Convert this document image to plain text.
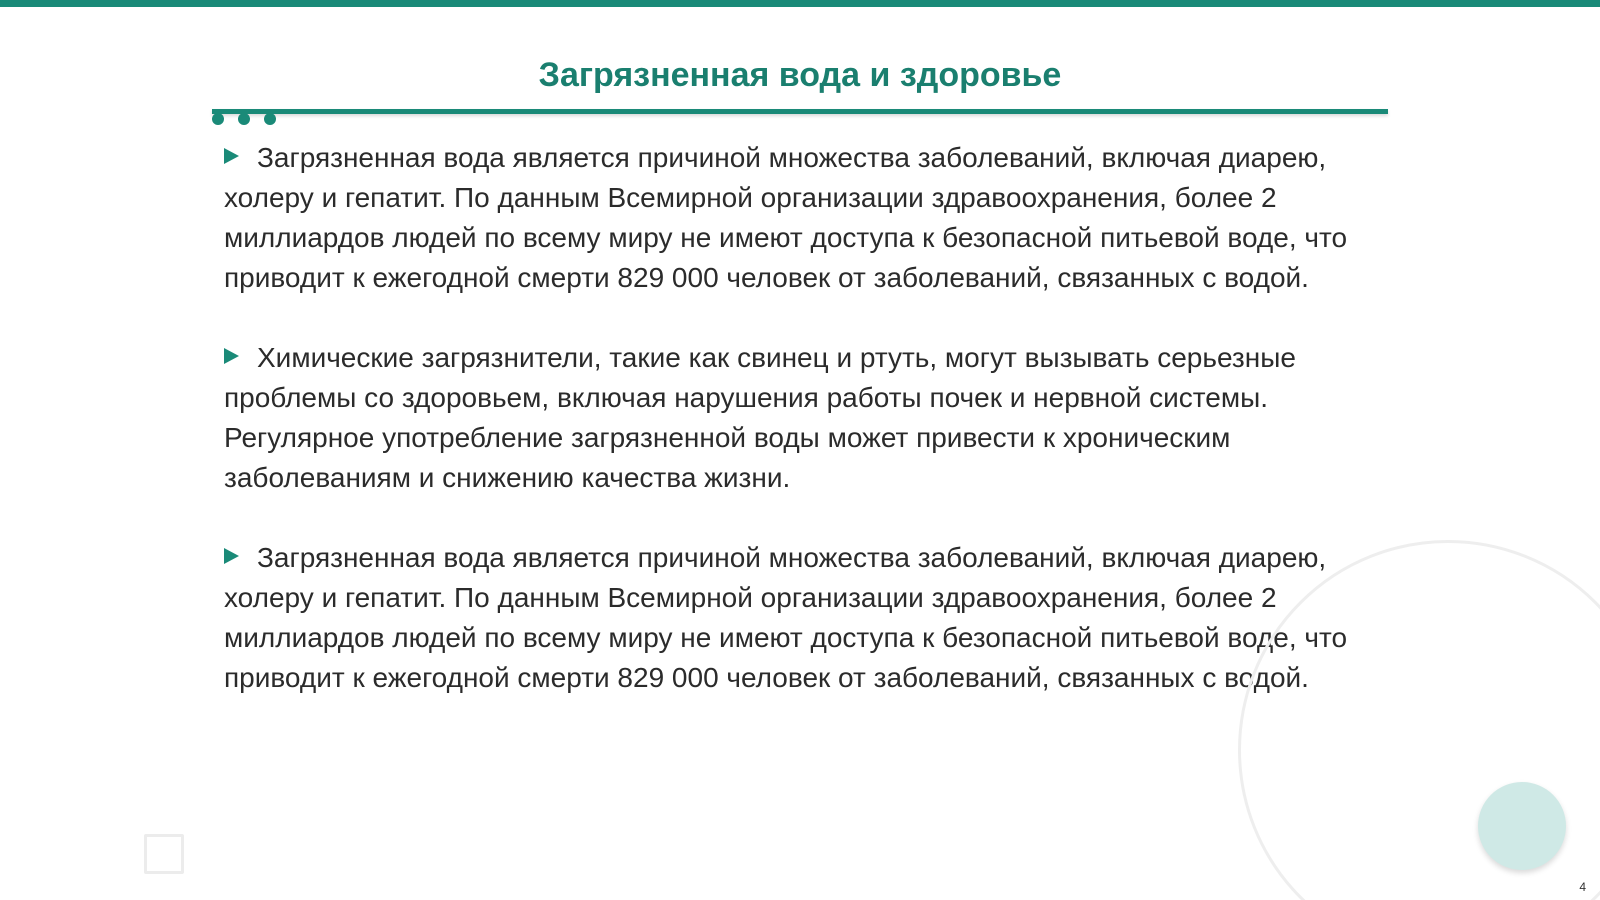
Загрязненная вода и здоровье

Загрязненная вода является причиной множества заболеваний, включая диарею, холеру и гепатит. По данным Всемирной организации здравоохранения, более 2 миллиардов людей по всему миру не имеют доступа к безопасной питьевой воде, что приводит к ежегодной смерти 829 000 человек от заболеваний, связанных с водой.

Химические загрязнители, такие как свинец и ртуть, могут вызывать серьезные проблемы со здоровьем, включая нарушения работы почек и нервной системы. Регулярное употребление загрязненной воды может привести к хроническим заболеваниям и снижению качества жизни.

Загрязненная вода является причиной множества заболеваний, включая диарею, холеру и гепатит. По данным Всемирной организации здравоохранения, более 2 миллиардов людей по всему миру не имеют доступа к безопасной питьевой воде, что приводит к ежегодной смерти 829 000 человек от заболеваний, связанных с водой.

4
